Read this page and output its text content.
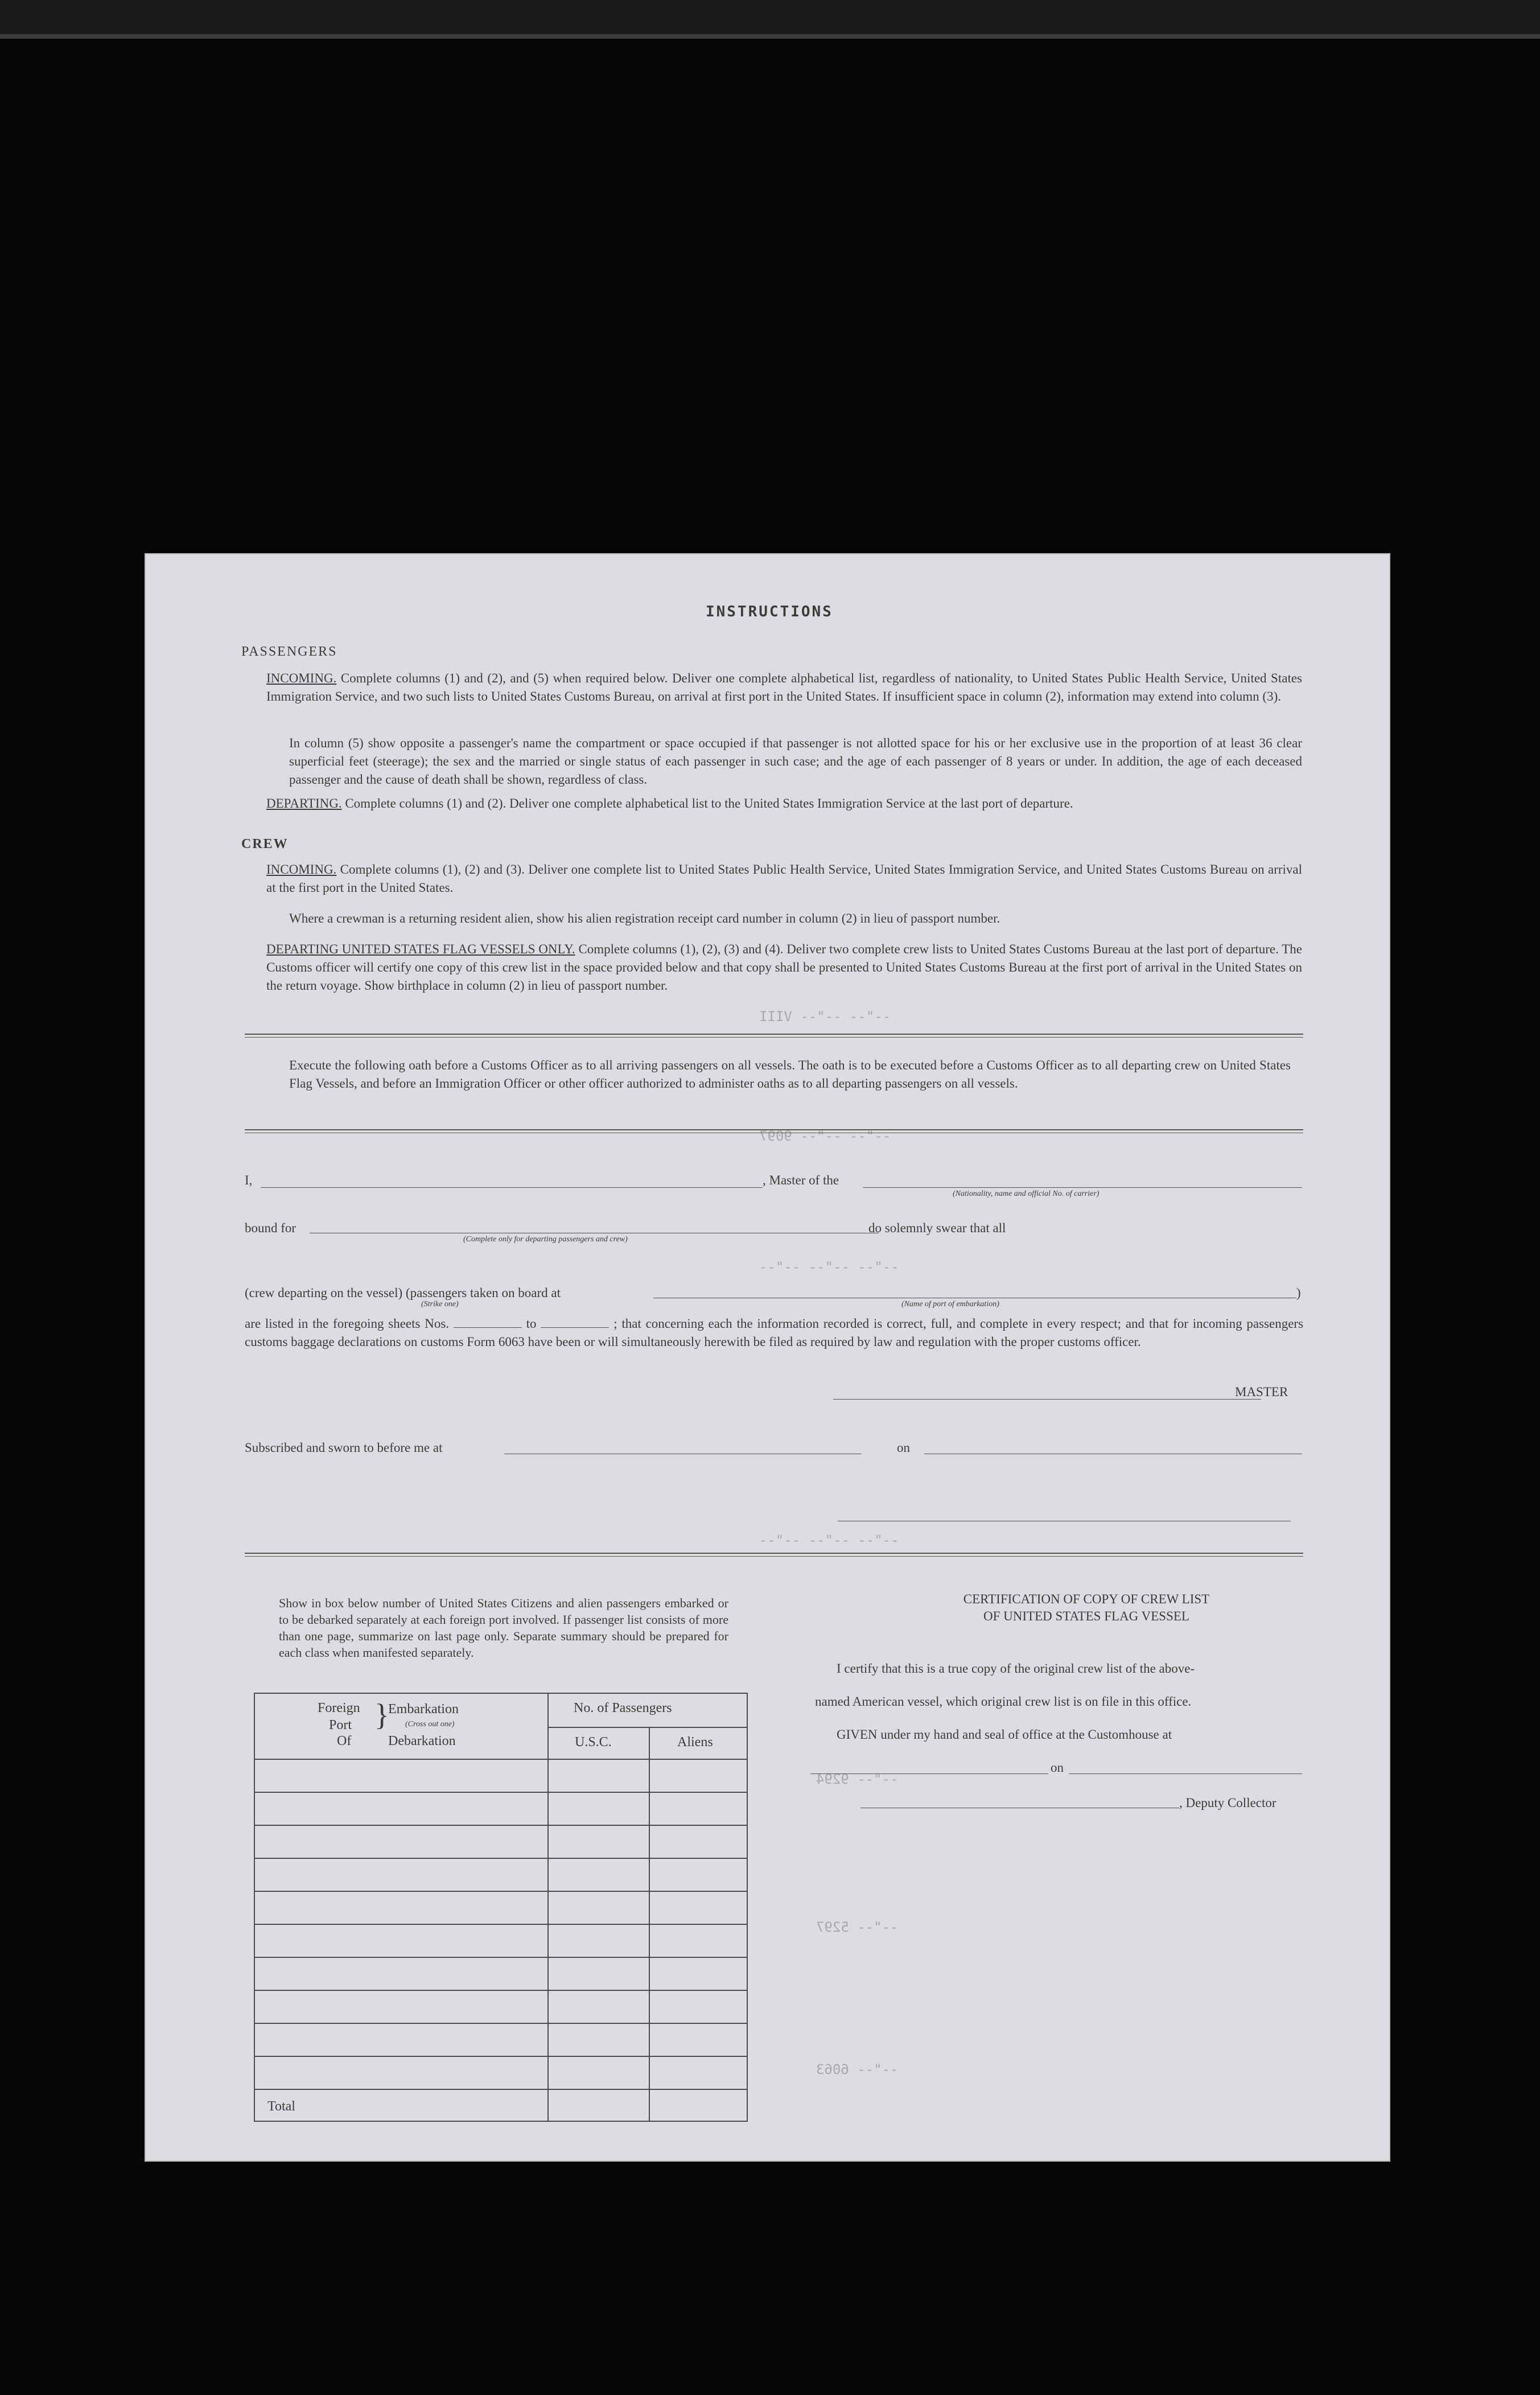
--"-- --"-- VIII
--"-- --"-- 9097
--"-- --"-- --"--
--"-- --"-- --"--
--"-- 9294
--"-- 5297
--"-- 6063
INSTRUCTIONS
PASSENGERS
INCOMING. Complete columns (1) and (2), and (5) when required below. Deliver one complete alphabetical list, regardless of nationality, to United States Public Health Service, United States Immigration Service, and two such lists to United States Customs Bureau, on arrival at first port in the United States. If insufficient space in column (2), information may extend into column (3).
In column (5) show opposite a passenger's name the compartment or space occupied if that passenger is not allotted space for his or her exclusive use in the proportion of at least 36 clear superficial feet (steerage); the sex and the married or single status of each passenger in such case; and the age of each passenger of 8 years or under. In addition, the age of each deceased passenger and the cause of death shall be shown, regardless of class.
DEPARTING. Complete columns (1) and (2). Deliver one complete alphabetical list to the United States Immigration Service at the last port of departure.
CREW
INCOMING. Complete columns (1), (2) and (3). Deliver one complete list to United States Public Health Service, United States Immigration Service, and United States Customs Bureau on arrival at the first port in the United States.
Where a crewman is a returning resident alien, show his alien registration receipt card number in column (2) in lieu of passport number.
DEPARTING UNITED STATES FLAG VESSELS ONLY. Complete columns (1), (2), (3) and (4). Deliver two complete crew lists to United States Customs Bureau at the last port of departure. The Customs officer will certify one copy of this crew list in the space provided below and that copy shall be presented to United States Customs Bureau at the first port of arrival in the United States on the return voyage. Show birthplace in column (2) in lieu of passport number.
Execute the following oath before a Customs Officer as to all arriving passengers on all vessels. The oath is to be executed before a Customs Officer as to all departing crew on United States Flag Vessels, and before an Immigration Officer or other officer authorized to administer oaths as to all departing passengers on all vessels.
I,	, Master of the
(Nationality, name and official No. of carrier)
bound for
(Complete only for departing passengers and crew)
do solemnly swear that all
(crew departing on the vessel) (passengers taken on board at	)
(Strike one)	(Name of port of embarkation)
are listed in the foregoing sheets Nos.	to	; that concerning each the information recorded is correct, full, and complete in every respect; and that for incoming passengers customs baggage declarations on customs Form 6063 have been or will simultaneously herewith be filed as required by law and regulation with the proper customs officer.
MASTER
Subscribed and sworn to before me at	on
Show in box below number of United States Citizens and alien passengers embarked or to be debarked separately at each foreign port involved. If passenger list consists of more than one page, summarize on last page only. Separate summary should be prepared for each class when manifested separately.
Foreign
Port
Of
}
Embarkation
(Cross out one)
Debarkation
No. of Passengers
U.S.C.	Aliens
Total
CERTIFICATION OF COPY OF CREW LIST
OF UNITED STATES FLAG VESSEL
I certify that this is a true copy of the original crew list of the above-
named American vessel, which original crew list is on file in this office.
GIVEN under my hand and seal of office at the Customhouse at
on
, Deputy Collector
